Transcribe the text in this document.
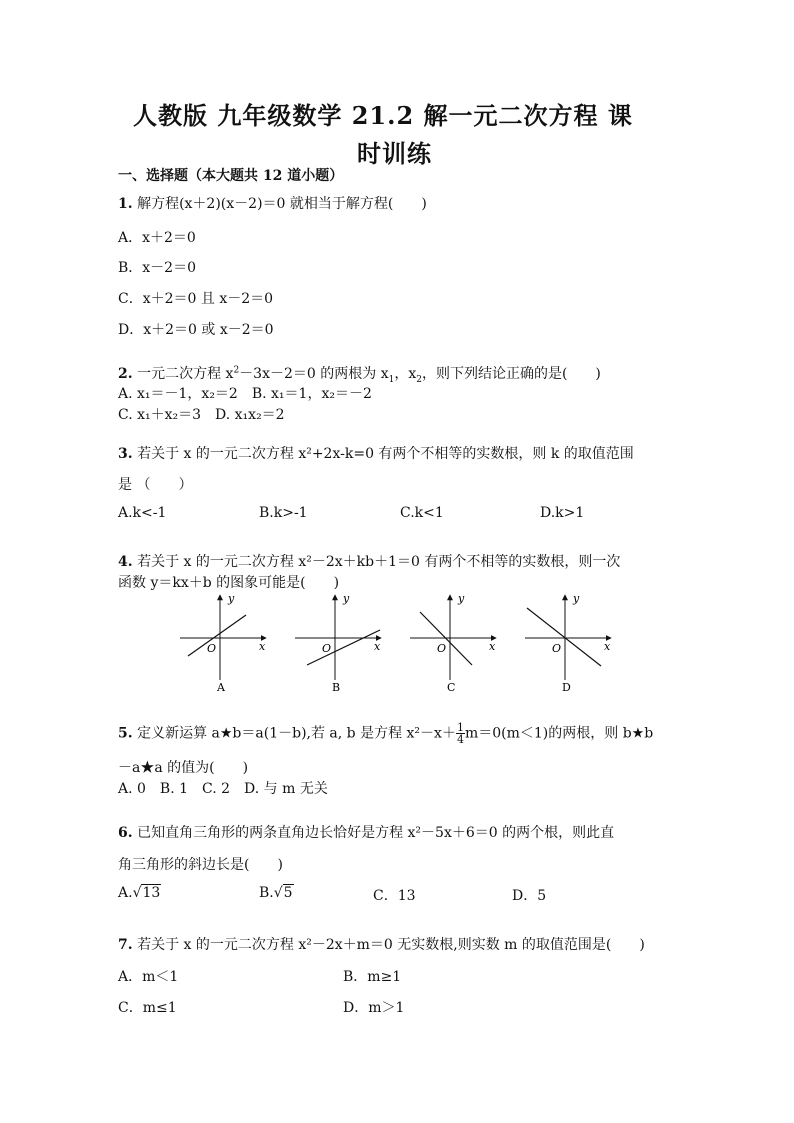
人教版 九年级数学 21.2 解一元二次方程 课
时训练
一、选择题（本大题共 12 道小题）
1. 解方程(x＋2)(x－2)＝0 就相当于解方程(　　)
A．x＋2＝0
B．x－2＝0
C．x＋2＝0 且 x－2＝0
D．x＋2＝0 或 x－2＝0
2. 一元二次方程 $x^2-3x-2=0$ 的两根为 $x_1$，$x_2$，则下列结论正确的是(　　)
A. x₁＝－1，x₂＝2　B. x₁＝1，x₂＝－2
C. x₁＋x₂＝3　D. x₁x₂＝2
3. 若关于 x 的一元二次方程 x²+2x-k=0 有两个不相等的实数根，则 k 的取值范围
是 （　　）
A.k<-1	B.k>-1	C.k<1	D.k>1
4. 若关于 x 的一元二次方程 x²－2x＋kb＋1＝0 有两个不相等的实数根，则一次
函数 y＝kx＋b 的图象可能是(　　)
y
x
O
A
y
x
O
B
y
x
O
C
y
x
O
D
5. 定义新运算 a★b＝a(1－b),若 a, b 是方程 $x^2-x+ \frac{1}{4} m=0(m<1)$的两根，则 b★b
－a★a 的值为(　　)
A. 0　B. 1　C. 2　D. 与 m 无关
6. 已知直角三角形的两条直角边长恰好是方程 x²－5x＋6＝0 的两个根，则此直
角三角形的斜边长是(　　)
A.√13	B.√5	C．13	D．5
7. 若关于 x 的一元二次方程 x²－2x＋m＝0 无实数根,则实数 m 的取值范围是(　　)
A．m＜1	B．m≥1
C．m≤1	D．m＞1
